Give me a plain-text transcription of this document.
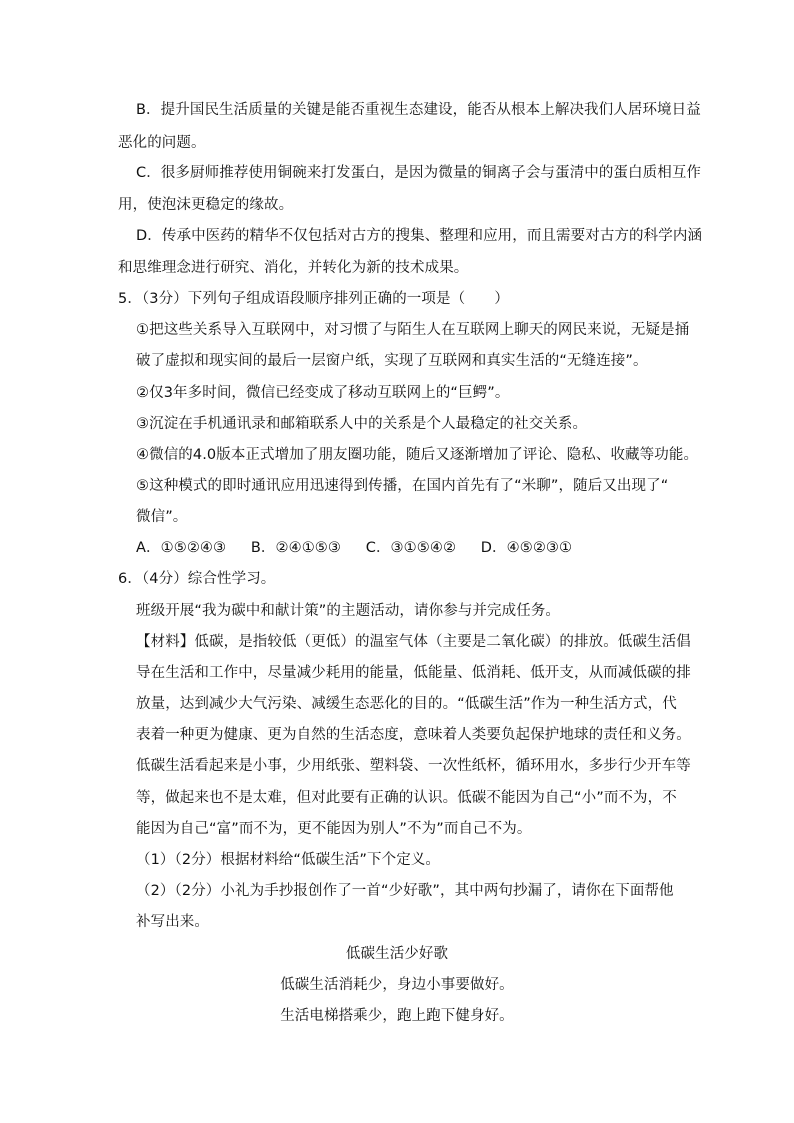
B．提升国民生活质量的关键是能否重视生态建设，能否从根本上解决我们人居环境日益
恶化的问题。
C．很多厨师推荐使用铜碗来打发蛋白，是因为微量的铜离子会与蛋清中的蛋白质相互作
用，使泡沫更稳定的缘故。
D．传承中医药的精华不仅包括对古方的搜集、整理和应用，而且需要对古方的科学内涵
和思维理念进行研究、消化，并转化为新的技术成果。
5．（3分）下列句子组成语段顺序排列正确的一项是（　　）
①把这些关系导入互联网中，对习惯了与陌生人在互联网上聊天的网民来说，无疑是捅
破了虚拟和现实间的最后一层窗户纸，实现了互联网和真实生活的“无缝连接”。
②仅3年多时间，微信已经变成了移动互联网上的“巨鳄”。
③沉淀在手机通讯录和邮箱联系人中的关系是个人最稳定的社交关系。
④微信的4.0版本正式增加了朋友圈功能，随后又逐渐增加了评论、隐私、收藏等功能。
⑤这种模式的即时通讯应用迅速得到传播，在国内首先有了“米聊”，随后又出现了“
微信”。
A．①⑤②④③ B．②④①⑤③ C．③①⑤④② D．④⑤②③①
6．（4分）综合性学习。
班级开展“我为碳中和献计策”的主题活动，请你参与并完成任务。
【材料】低碳，是指较低（更低）的温室气体（主要是二氧化碳）的排放。低碳生活倡
导在生活和工作中，尽量减少耗用的能量，低能量、低消耗、低开支，从而减低碳的排
放量，达到减少大气污染、减缓生态恶化的目的。“低碳生活”作为一种生活方式，代
表着一种更为健康、更为自然的生活态度，意味着人类要负起保护地球的责任和义务。
低碳生活看起来是小事，少用纸张、塑料袋、一次性纸杯，循环用水，多步行少开车等
等，做起来也不是太难，但对此要有正确的认识。低碳不能因为自己“小”而不为，不
能因为自己“富”而不为，更不能因为别人”不为”而自己不为。
（1）（2分）根据材料给“低碳生活”下个定义。
（2）（2分）小礼为手抄报创作了一首“少好歌”，其中两句抄漏了，请你在下面帮他
补写出来。
低碳生活少好歌
低碳生活消耗少，身边小事要做好。
生活电梯搭乘少，跑上跑下健身好。
